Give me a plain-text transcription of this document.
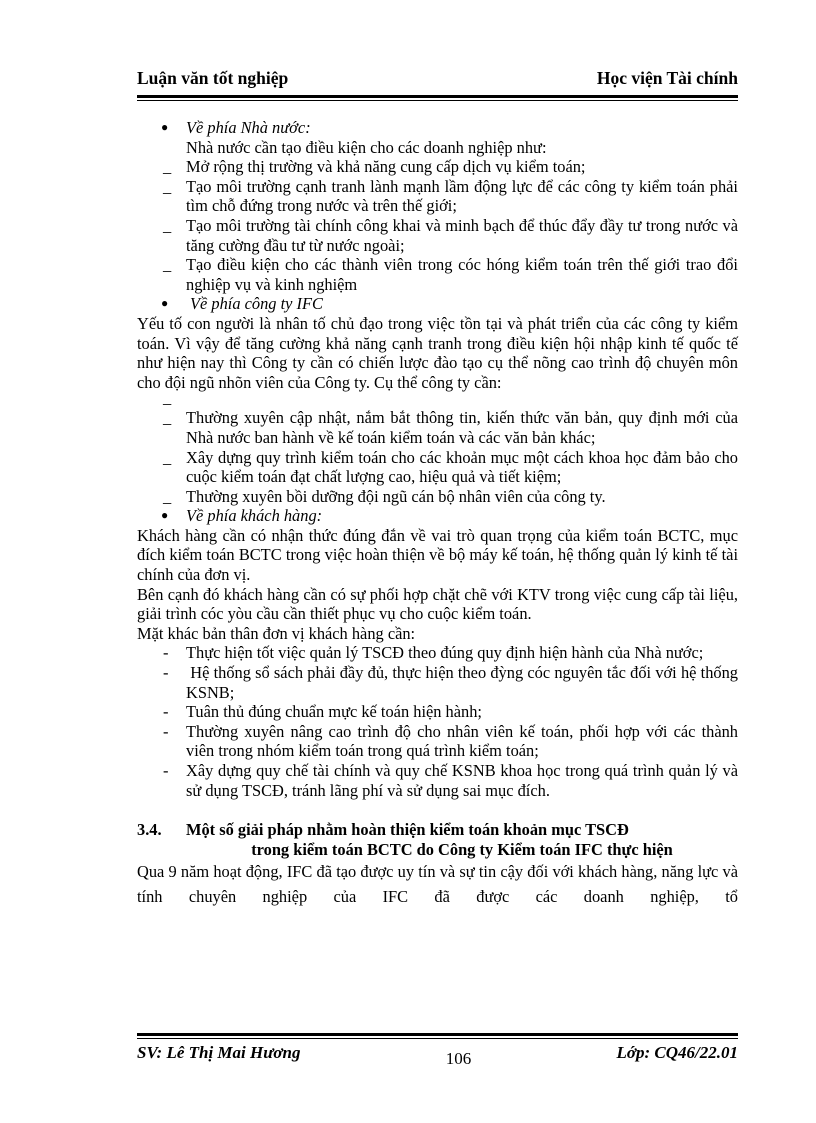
Luận văn tốt nghiệp	Học viện Tài chính
● Về phía Nhà nước:
Nhà nước cần tạo điều kiện cho các doanh nghiệp như:
_ Mở rộng thị trường và khả năng cung cấp dịch vụ kiểm toán;
_ Tạo môi trường cạnh tranh lành mạnh lầm động lực để các công ty kiểm toán phải tìm chỗ đứng trong nước và trên thế giới;
_ Tạo môi trường tài chính công khai và minh bạch để thúc đẩy đầy tư trong nước và tăng cường đầu tư từ nước ngoài;
_ Tạo điều kiện cho các thành viên trong cóc hóng kiểm toán trên thế giới trao đổi nghiệp vụ và kinh nghiệm
● Về phía công ty IFC

Yếu tố con người là nhân tố chủ đạo trong việc tồn tại và phát triển của các công ty kiểm toán. Vì vậy để tăng cường khả năng cạnh tranh trong điều kiện hội nhập kinh tế quốc tế như hiện nay thì Công ty cần có chiến lược đào tạo cụ thể nõng cao trình độ chuyên môn cho đội ngũ nhõn viên của Công ty. Cụ thể công ty cần:

_
_ Thường xuyên cập nhật, nắm bắt thông tin, kiến thức văn bản, quy định mới của Nhà nước ban hành về kế toán kiểm toán và các văn bản khác;
_ Xây dựng quy trình kiểm toán cho các khoản mục một cách khoa học đảm bảo cho cuộc kiểm toán đạt chất lượng cao, hiệu quả và tiết kiệm;
_ Thường xuyên bồi dưỡng đội ngũ cán bộ nhân viên của công ty.
● Về phía khách hàng:

Khách hàng cần có nhận thức đúng đắn về vai trò quan trọng của kiểm toán BCTC, mục đích kiểm toán BCTC trong việc hoàn thiện về bộ máy kế toán, hệ thống quản lý kinh tế tài chính của đơn vị.

Bên cạnh đó khách hàng cần có sự phối hợp chặt chẽ với KTV trong việc cung cấp tài liệu, giải trình cóc yòu cầu cần thiết phục vụ cho cuộc kiểm toán.

Mặt khác bản thân đơn vị khách hàng cần:

- Thực hiện tốt việc quản lý TSCĐ theo đúng quy định hiện hành của Nhà nước;
- Hệ thống sổ sách phải đầy đủ, thực hiện theo đỳng cóc nguyên tắc đối với hệ thống KSNB;
- Tuân thủ đúng chuẩn mực kế toán hiện hành;
- Thường xuyên nâng cao trình độ cho nhân viên kế toán, phối hợp với các thành viên trong nhóm kiểm toán trong quá trình kiểm toán;
- Xây dựng quy chế tài chính và quy chế KSNB khoa học trong quá trình quản lý và sử dụng TSCĐ, tránh lãng phí và sử dụng sai mục đích.
3.4. Một số giải pháp nhằm hoàn thiện kiểm toán khoản mục TSCĐ
trong kiểm toán BCTC do Công ty Kiểm toán IFC thực hiện

Qua 9 năm hoạt động, IFC đã tạo được uy tín và sự tin cậy đối với khách hàng, năng lực và tính chuyên nghiệp của IFC đã được các doanh nghiệp, tổ

SV: Lê Thị Mai Hương	106	Lớp: CQ46/22.01
